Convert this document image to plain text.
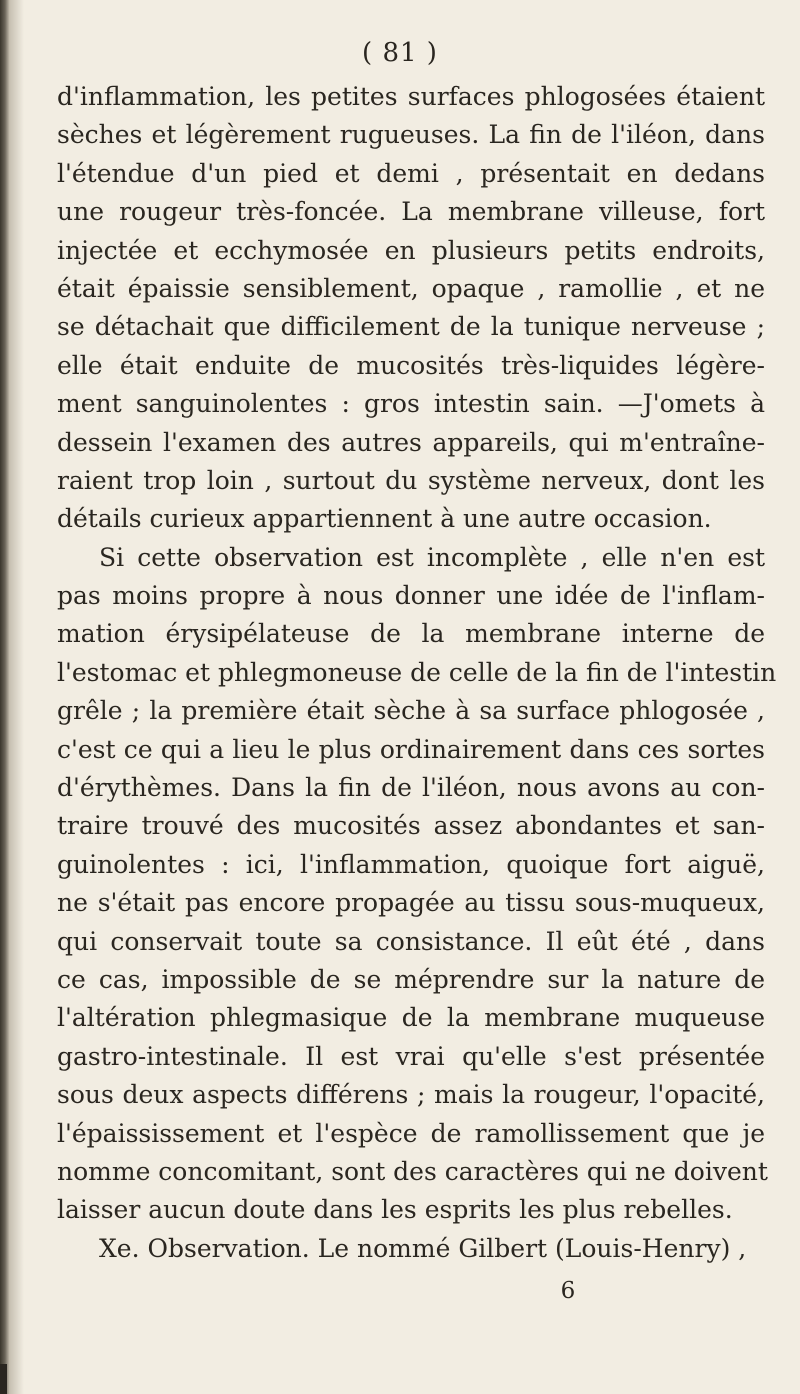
( 81 )
d'inflammation, les petites surfaces phlogosées étaient
sèches et légèrement rugueuses. La fin de l'iléon, dans
l'étendue d'un pied et demi , présentait en dedans
une rougeur très-foncée. La membrane villeuse, fort
injectée et ecchymosée en plusieurs petits endroits,
était épaissie sensiblement, opaque , ramollie , et ne
se détachait que difficilement de la tunique nerveuse ;
elle était enduite de mucosités très-liquides légère-
ment sanguinolentes : gros intestin sain. —J'omets à
dessein l'examen des autres appareils, qui m'entraîne-
raient trop loin , surtout du système nerveux, dont les
détails curieux appartiennent à une autre occasion.
Si cette observation est incomplète , elle n'en est
pas moins propre à nous donner une idée de l'inflam-
mation érysipélateuse de la membrane interne de
l'estomac et phlegmoneuse de celle de la fin de l'intestin
grêle ; la première était sèche à sa surface phlogosée ,
c'est ce qui a lieu le plus ordinairement dans ces sortes
d'érythèmes. Dans la fin de l'iléon, nous avons au con-
traire trouvé des mucosités assez abondantes et san-
guinolentes : ici, l'inflammation, quoique fort aiguë,
ne s'était pas encore propagée au tissu sous-muqueux,
qui conservait toute sa consistance. Il eût été , dans
ce cas, impossible de se méprendre sur la nature de
l'altération phlegmasique de la membrane muqueuse
gastro-intestinale. Il est vrai qu'elle s'est présentée
sous deux aspects différens ; mais la rougeur, l'opacité,
l'épaississement et l'espèce de ramollissement que je
nomme concomitant, sont des caractères qui ne doivent
laisser aucun doute dans les esprits les plus rebelles.
Xe. Observation. Le nommé Gilbert (Louis-Henry) ,
6
